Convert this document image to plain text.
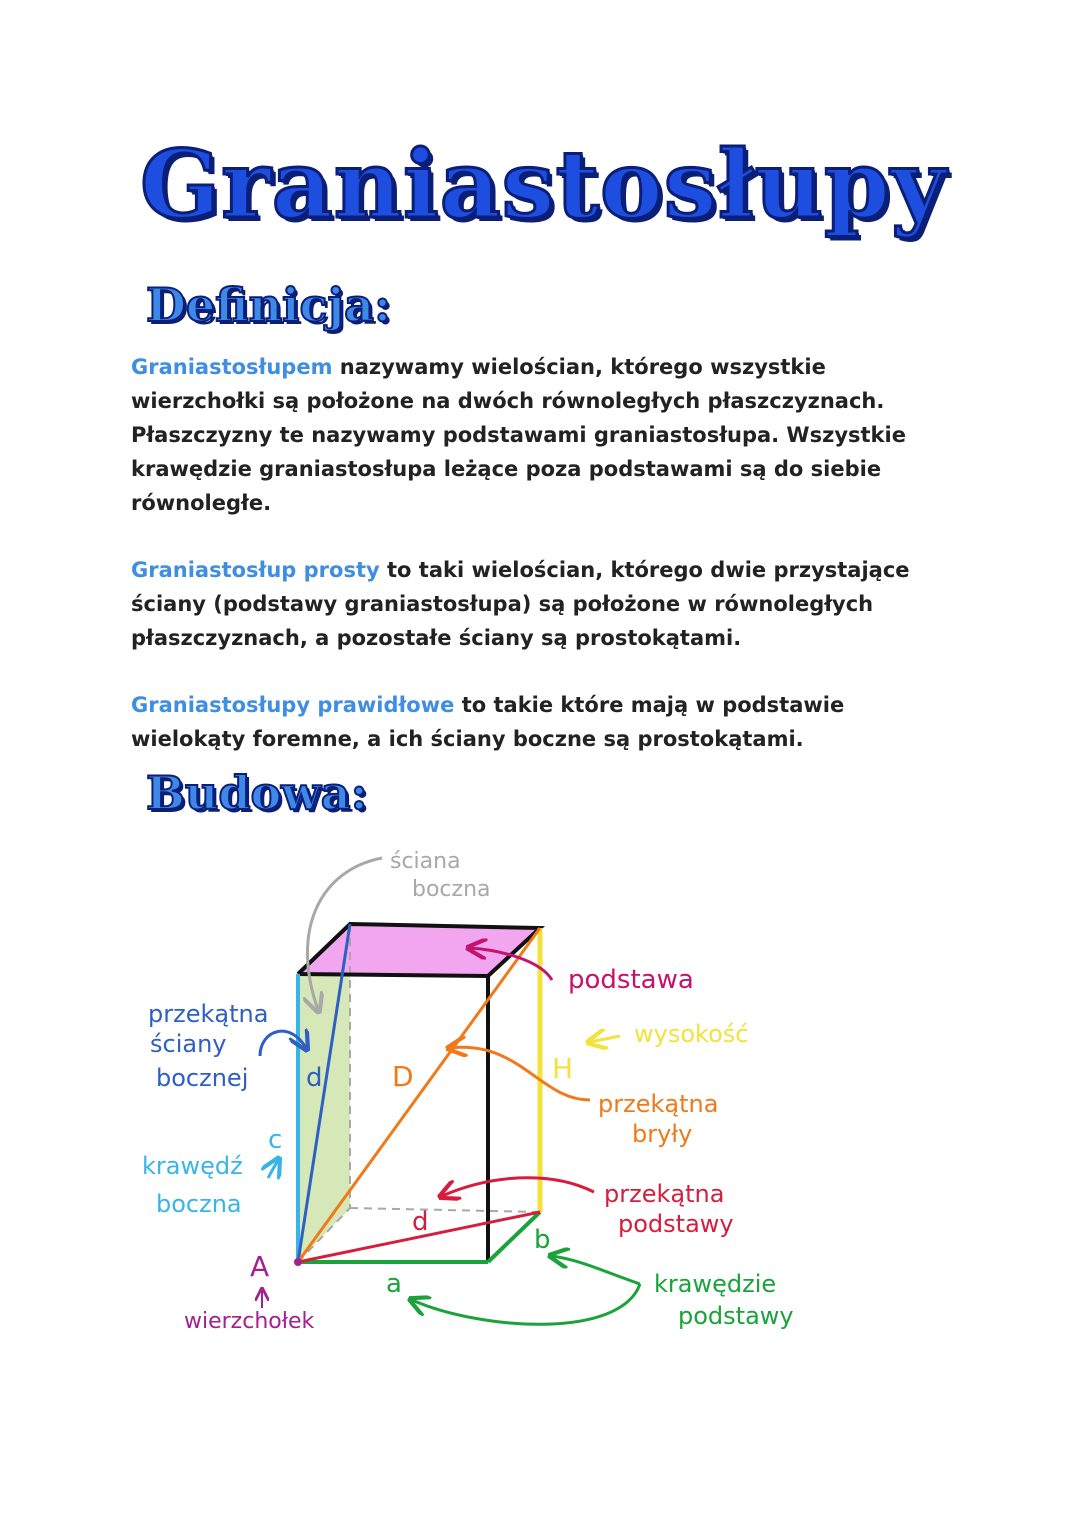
Graniastosłupy
Definicja:
Graniastosłupem nazywamy wielościan, którego wszystkie wierzchołki są położone na dwóch równoległych płaszczyznach. Płaszczyzny te nazywamy podstawami graniastosłupa. Wszystkie krawędzie graniastosłupa leżące poza podstawami są do siebie równoległe.
Graniastosłup prosty to taki wielościan, którego dwie przystające ściany (podstawy graniastosłupa) są położone w równoległych płaszczyznach, a pozostałe ściany są prostokątami.
Graniastosłupy prawidłowe to takie które mają w podstawie wielokąty foremne, a ich ściany boczne są prostokątami.
Budowa:
ściana
boczna
podstawa
wysokość
H
D
przekątna
bryły
d
przekątna
podstawy
b
a	krawędzie
podstawy
d
przekątna
ściany
bocznej
c
krawędź
boczna
A
wierzchołek
